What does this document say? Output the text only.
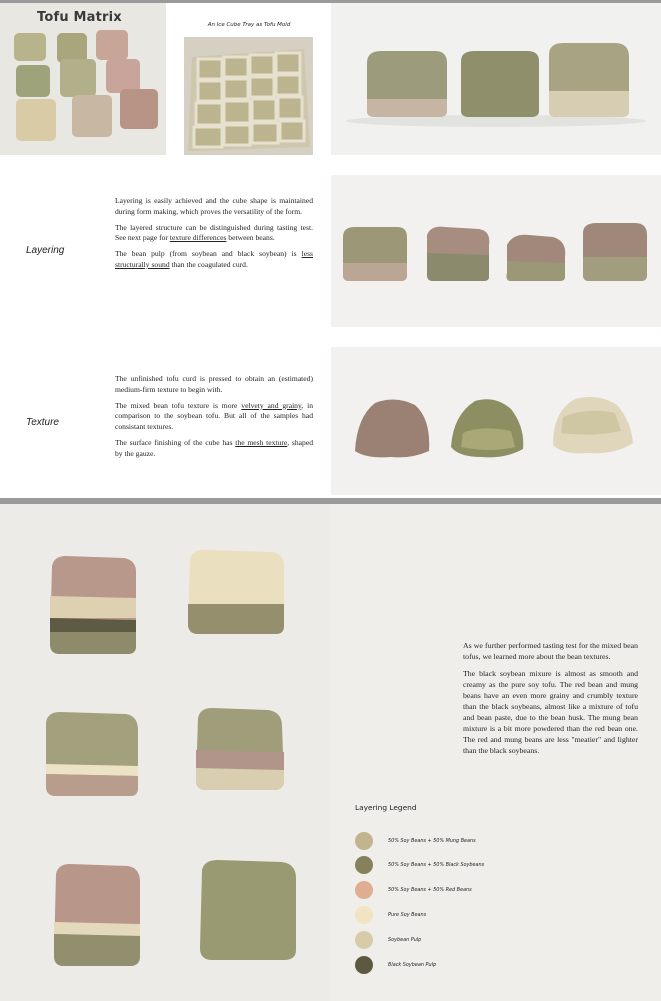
Tofu Matrix	An Ice Cube Tray as Tofu Mold
Layering

Layering is easily achieved and the cube shape is maintained during form making, which proves the versatility of the form.

The layered structure can be distinguished during tasting test. See next page for texture differences between beans.

The bean pulp (from soybean and black soybean) is less structurally sound than the coagulated curd.

Texture

The unfinished tofu curd is pressed to obtain an (estimated) medium-firm texture to begin with.

The mixed bean tofu texture is more velvety and grainy, in comparison to the soybean tofu. But all of the samples had consistant textures.

The surface finishing of the cube has the mesh texture, shaped by the gauze.

As we further performed tasting test for the mixed bean tofus, we learned more about the bean textures.

The black soybean mixure is almost as smooth and creamy as the pure soy tofu. The red bean and mung beans have an even more grainy and crumbly texture than the black soybeans, almost like a mixture of tofu and bean paste, due to the bean husk. The mung bean mixture is a bit more powdered than the red bean one. The red and mung beans are less "meatier" and lighter than the black soybeans.

Layering Legend
50% Soy Beans + 50% Mung Beans
50% Soy Beans + 50% Black Soybeans
50% Soy Beans + 50% Red Beans
Pure Soy Beans
Soybean Pulp
Black Soybean Pulp
